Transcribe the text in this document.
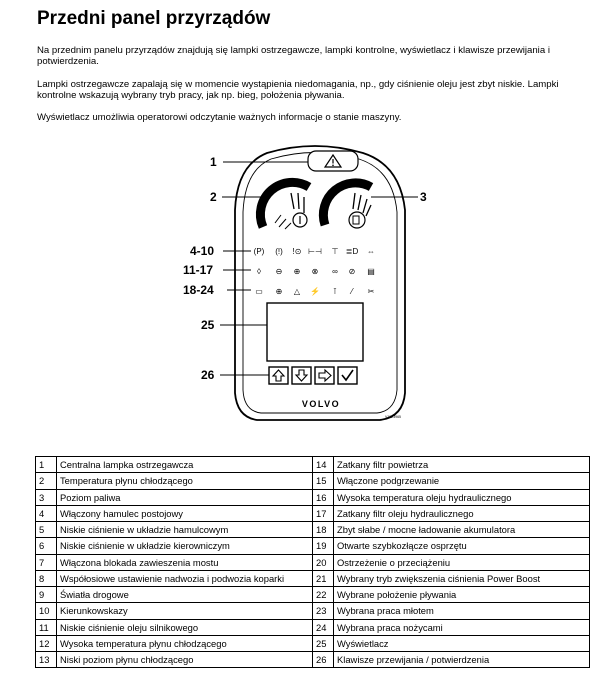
Przedni panel przyrządów

Na przednim panelu przyrządów znajdują się lampki ostrzegawcze, lampki kontrolne, wyświetlacz i klawisze przewijania i potwierdzenia.

Lampki ostrzegawcze zapalają się w momencie wystąpienia niedomagania, np., gdy ciśnienie oleju jest zbyt niskie. Lampki kontrolne wskazują wybrany tryb pracy, jak np. bieg, położenia pływania.

Wyświetlacz umożliwia operatorowi odczytanie ważnych informacje o stanie maszyny.

(P) (!) !⊙ ⊢⊣ ⊤ ≣D ⇔
◊ ⊖ ⊕ ⊗ ∞ ⊘ ▤
▭ ⊕ △ ⚡ ⊺ ⁄ ✂
VOLVO
V1023965
1
2	3
4-10
11-17
18-24
25
26
1	Centralna lampka ostrzegawcza	14	Zatkany filtr powietrza
2	Temperatura płynu chłodzącego	15	Włączone podgrzewanie
3	Poziom paliwa	16	Wysoka temperatura oleju hydraulicznego
4	Włączony hamulec postojowy	17	Zatkany filtr oleju hydraulicznego
5	Niskie ciśnienie w układzie hamulcowym	18	Zbyt słabe / mocne ładowanie akumulatora
6	Niskie ciśnienie w układzie kierowniczym	19	Otwarte szybkozłącze osprzętu
7	Włączona blokada zawieszenia mostu	20	Ostrzeżenie o przeciążeniu
8	Współosiowe ustawienie nadwozia i podwozia koparki	21	Wybrany tryb zwiększenia ciśnienia Power Boost
9	Światła drogowe	22	Wybrane położenie pływania
10	Kierunkowskazy	23	Wybrana praca młotem
11	Niskie ciśnienie oleju silnikowego	24	Wybrana praca nożycami
12	Wysoka temperatura płynu chłodzącego	25	Wyświetlacz
13	Niski poziom płynu chłodzącego	26	Klawisze przewijania / potwierdzenia
